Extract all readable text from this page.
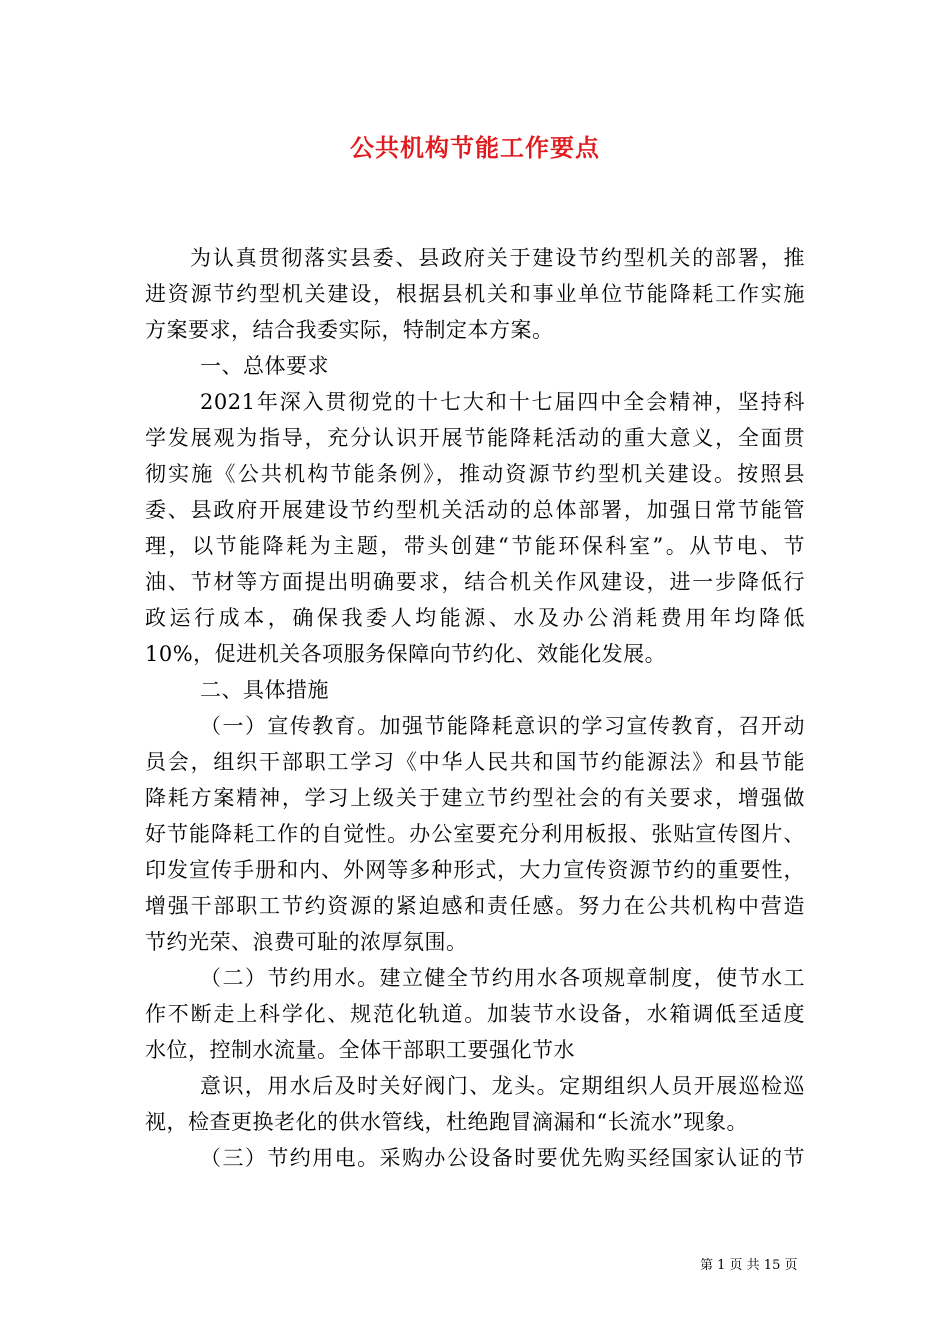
公共机构节能工作要点
为认真贯彻落实县委、县政府关于建设节约型机关的部署，推
进资源节约型机关建设，根据县机关和事业单位节能降耗工作实施
方案要求，结合我委实际，特制定本方案。
一、总体要求
2021年深入贯彻党的十七大和十七届四中全会精神，坚持科
学发展观为指导，充分认识开展节能降耗活动的重大意义，全面贯
彻实施《公共机构节能条例》，推动资源节约型机关建设。按照县
委、县政府开展建设节约型机关活动的总体部署，加强日常节能管
理，以节能降耗为主题，带头创建“节能环保科室”。从节电、节
油、节材等方面提出明确要求，结合机关作风建设，进一步降低行
政运行成本，确保我委人均能源、水及办公消耗费用年均降低
10%，促进机关各项服务保障向节约化、效能化发展。
二、具体措施
（一）宣传教育。加强节能降耗意识的学习宣传教育，召开动
员会，组织干部职工学习《中华人民共和国节约能源法》和县节能
降耗方案精神，学习上级关于建立节约型社会的有关要求，增强做
好节能降耗工作的自觉性。办公室要充分利用板报、张贴宣传图片、
印发宣传手册和内、外网等多种形式，大力宣传资源节约的重要性，
增强干部职工节约资源的紧迫感和责任感。努力在公共机构中营造
节约光荣、浪费可耻的浓厚氛围。
（二）节约用水。建立健全节约用水各项规章制度，使节水工
作不断走上科学化、规范化轨道。加装节水设备，水箱调低至适度
水位，控制水流量。全体干部职工要强化节水
意识，用水后及时关好阀门、龙头。定期组织人员开展巡检巡
视，检查更换老化的供水管线，杜绝跑冒滴漏和“长流水”现象。
（三）节约用电。采购办公设备时要优先购买经国家认证的节
第 1 页 共 15 页
